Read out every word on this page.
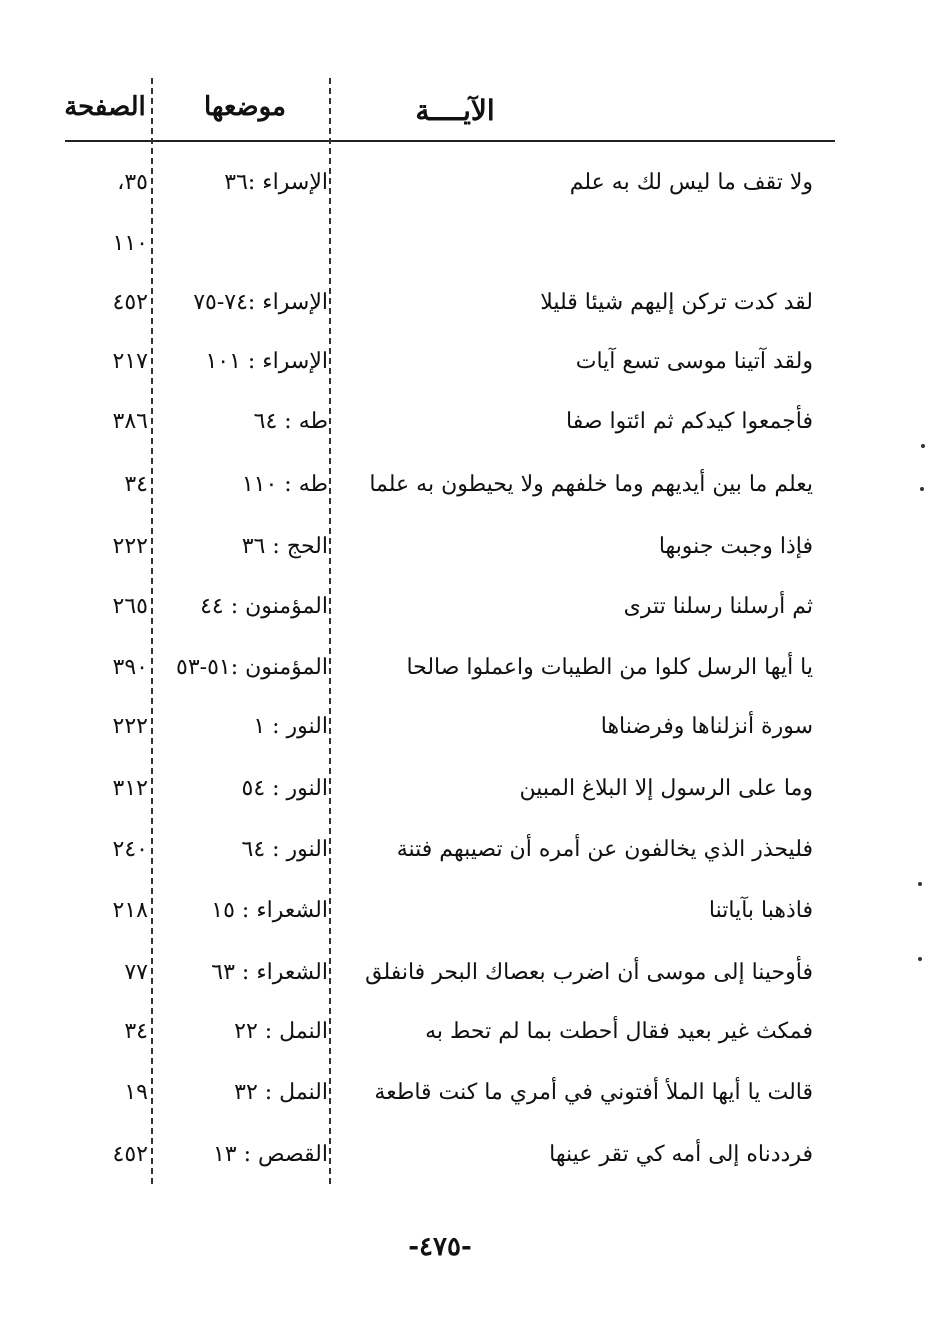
الآيــــة
موضعها
الصفحة
ولا تقف ما ليس لك به علم
الإسراء :٣٦
٣٥،
١١٠
لقد كدت تركن إليهم شيئا قليلا
الإسراء :٧٤-٧٥
٤٥٢
ولقد آتينا موسى تسع آيات
الإسراء : ١٠١
٢١٧
فأجمعوا كيدكم ثم ائتوا صفا
طه : ٦٤
٣٨٦
يعلم ما بين أيديهم وما خلفهم ولا يحيطون به علما
طه : ١١٠
٣٤
فإذا وجبت جنوبها
الحج : ٣٦
٢٢٢
ثم أرسلنا رسلنا تترى
المؤمنون : ٤٤
٢٦٥
يا أيها الرسل كلوا من الطيبات واعملوا صالحا
المؤمنون :٥١-٥٣
٣٩٠
سورة أنزلناها وفرضناها
النور : ١
٢٢٢
وما على الرسول إلا البلاغ المبين
النور : ٥٤
٣١٢
فليحذر الذي يخالفون عن أمره أن تصيبهم فتنة
النور : ٦٤
٢٤٠
فاذهبا بآياتنا
الشعراء : ١٥
٢١٨
فأوحينا إلى موسى أن اضرب بعصاك البحر فانفلق
الشعراء : ٦٣
٧٧
فمكث غير بعيد فقال أحطت بما لم تحط به
النمل : ٢٢
٣٤
قالت يا أيها الملأ أفتوني في أمري ما كنت قاطعة
النمل : ٣٢
١٩
فرددناه إلى أمه كي تقر عينها
القصص : ١٣
٤٥٢
-٤٧٥-
